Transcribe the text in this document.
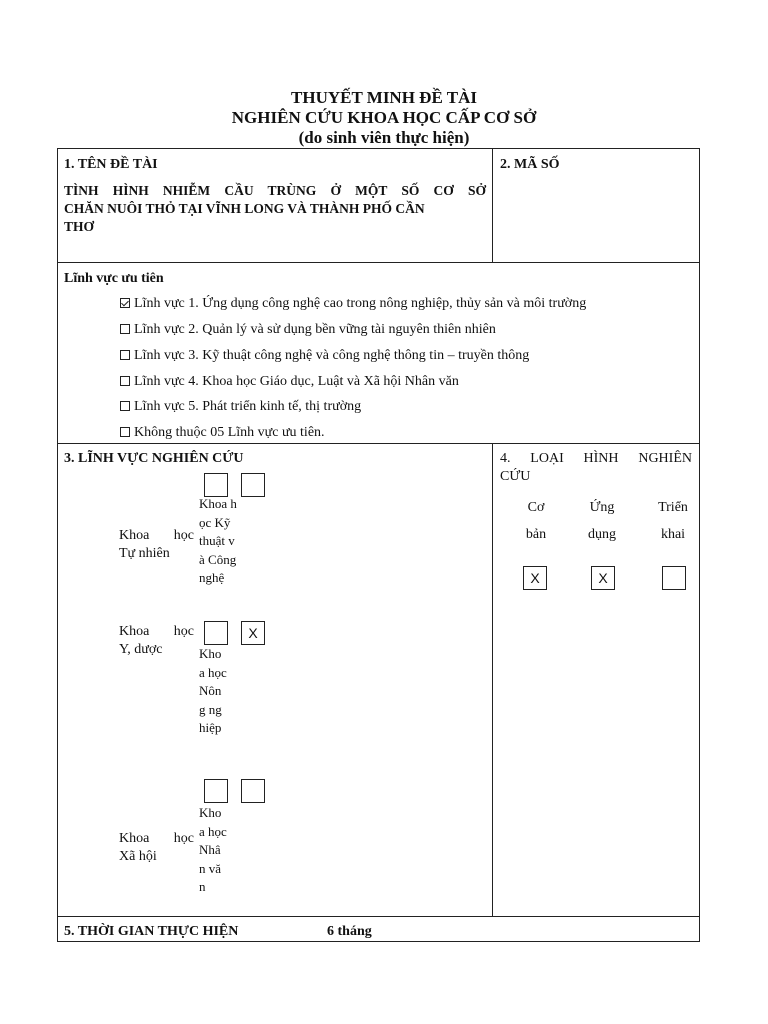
THUYẾT MINH ĐỀ TÀI
NGHIÊN CỨU KHOA HỌC CẤP CƠ SỞ
(do sinh viên thực hiện)
1. TÊN ĐỀ TÀI
TÌNH HÌNH NHIỄM CẦU TRÙNG Ở MỘT SỐ CƠ SỞ
CHĂN NUÔI THỎ TẠI VĨNH LONG VÀ THÀNH PHỐ CẦN
THƠ
2. MÃ SỐ
Lĩnh vực ưu tiên
Lĩnh vực 1. Ứng dụng công nghệ cao trong nông nghiệp, thủy sản và môi trường
Lĩnh vực 2. Quản lý và sử dụng bền vững tài nguyên thiên nhiên
Lĩnh vực 3. Kỹ thuật công nghệ và công nghệ thông tin – truyền thông
Lĩnh vực 4. Khoa học Giáo dục, Luật và Xã hội Nhân văn
Lĩnh vực 5. Phát triển kinh tế, thị trường
Không thuộc 05 Lĩnh vực ưu tiên.
3. LĨNH VỰC NGHIÊN CỨU
Khoa học

Tự nhiên
Khoa học Kỹ thuật và Công nghệ
Khoa học

Y, dược
X
Khoa học Nông nghiệp
Khoa học

Xã hội
Khoa học Nhân văn
4. LOẠI HÌNH NGHIÊN
CỨU
Cơ
bản
Ứng
dụng
Triển
khai
X	X
5. THỜI GIAN THỰC HIỆN	6 tháng
